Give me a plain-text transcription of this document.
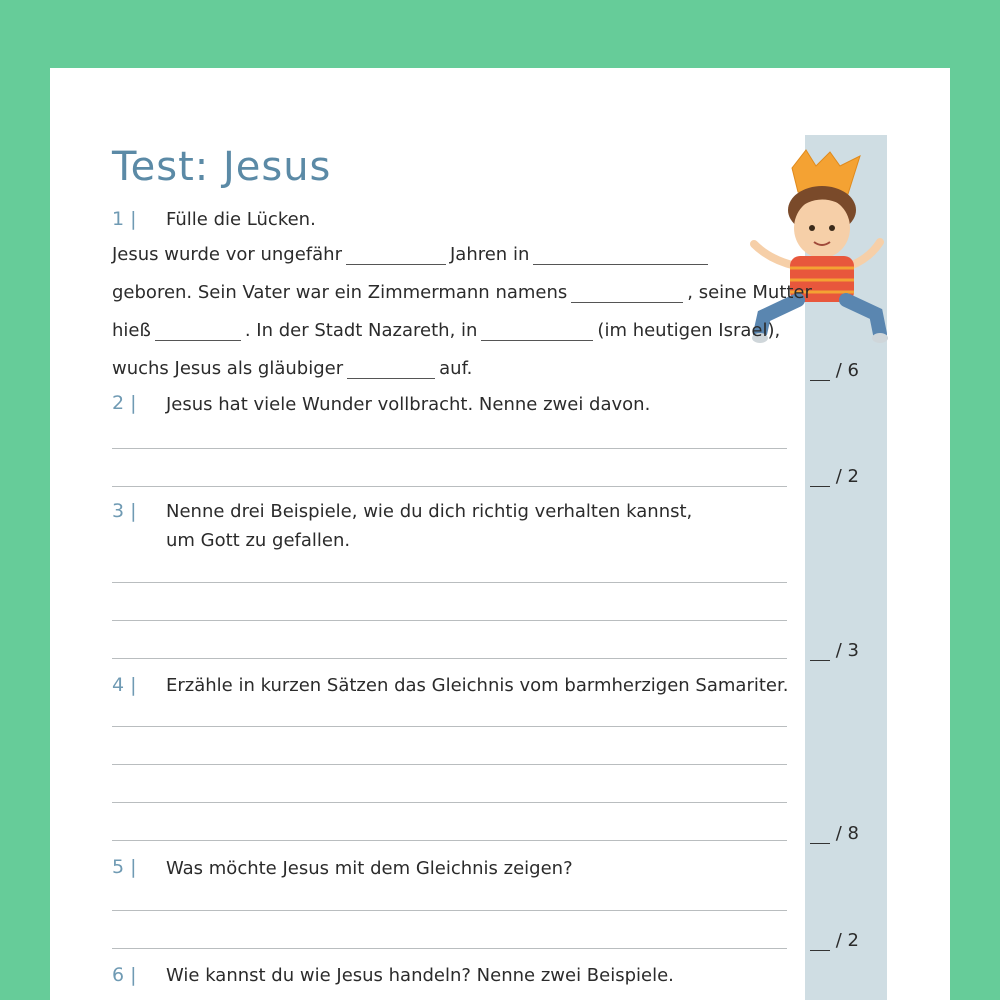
Test: Jesus
1 | Fülle die Lücken.
Jesus wurde vor ungefähr	Jahren in
geboren. Sein Vater war ein Zimmermann namens	, seine Mutter
hieß	. In der Stadt Nazareth, in	(im heutigen Israel),
wuchs Jesus als gläubiger	auf.	/ 6
2 | Jesus hat viele Wunder vollbracht. Nenne zwei davon.
/ 2
3 | Nenne drei Beispiele, wie du dich richtig verhalten kannst,
um Gott zu gefallen.
/ 3
4 | Erzähle in kurzen Sätzen das Gleichnis vom barmherzigen Samariter.
/ 8
5 | Was möchte Jesus mit dem Gleichnis zeigen?
/ 2
6 | Wie kannst du wie Jesus handeln? Nenne zwei Beispiele.
